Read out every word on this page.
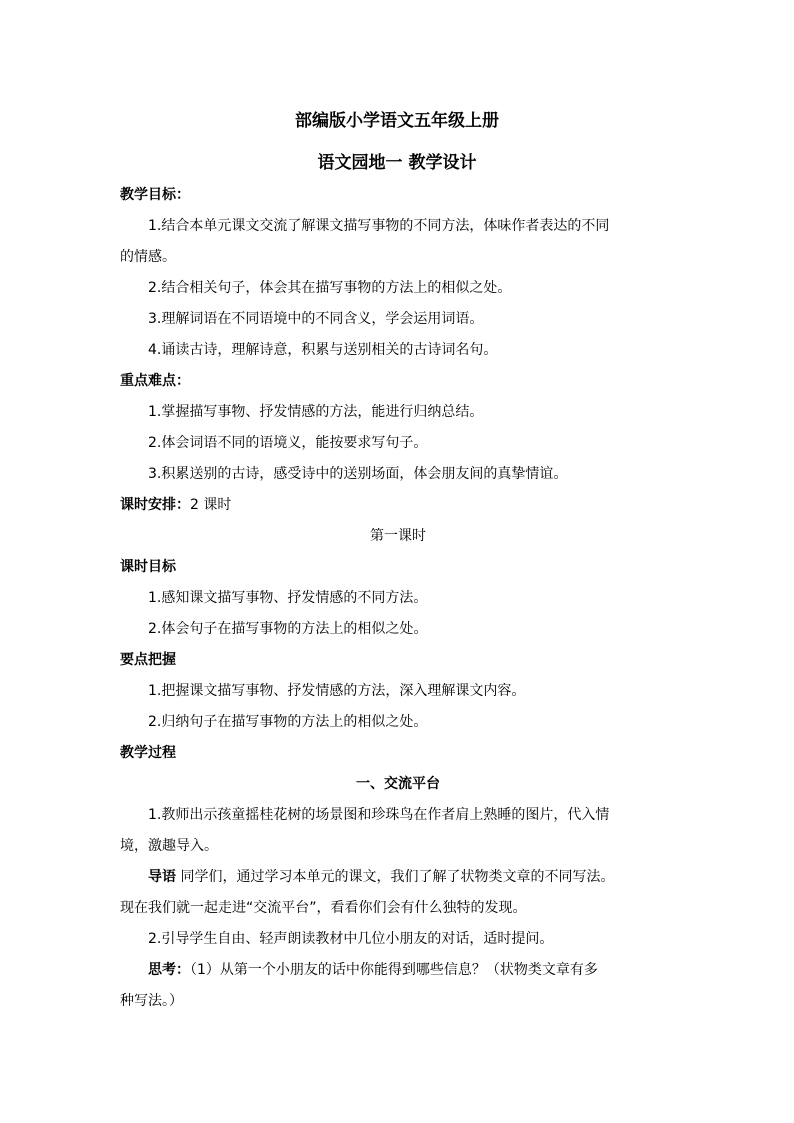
部编版小学语文五年级上册
语文园地一 教学设计

教学目标：

1.结合本单元课文交流了解课文描写事物的不同方法，体味作者表达的不同

的情感。

2.结合相关句子，体会其在描写事物的方法上的相似之处。

3.理解词语在不同语境中的不同含义，学会运用词语。

4.诵读古诗，理解诗意，积累与送别相关的古诗词名句。

重点难点：

1.掌握描写事物、抒发情感的方法，能进行归纳总结。

2.体会词语不同的语境义，能按要求写句子。

3.积累送别的古诗，感受诗中的送别场面，体会朋友间的真挚情谊。

课时安排：2 课时

第一课时

课时目标

1.感知课文描写事物、抒发情感的不同方法。

2.体会句子在描写事物的方法上的相似之处。

要点把握

1.把握课文描写事物、抒发情感的方法，深入理解课文内容。

2.归纳句子在描写事物的方法上的相似之处。

教学过程

一、交流平台

1.教师出示孩童摇桂花树的场景图和珍珠鸟在作者肩上熟睡的图片，代入情

境，激趣导入。

导语 同学们，通过学习本单元的课文，我们了解了状物类文章的不同写法。

现在我们就一起走进“交流平台”，看看你们会有什么独特的发现。

2.引导学生自由、轻声朗读教材中几位小朋友的对话，适时提问。

思考：（1）从第一个小朋友的话中你能得到哪些信息？（状物类文章有多

种写法。）
